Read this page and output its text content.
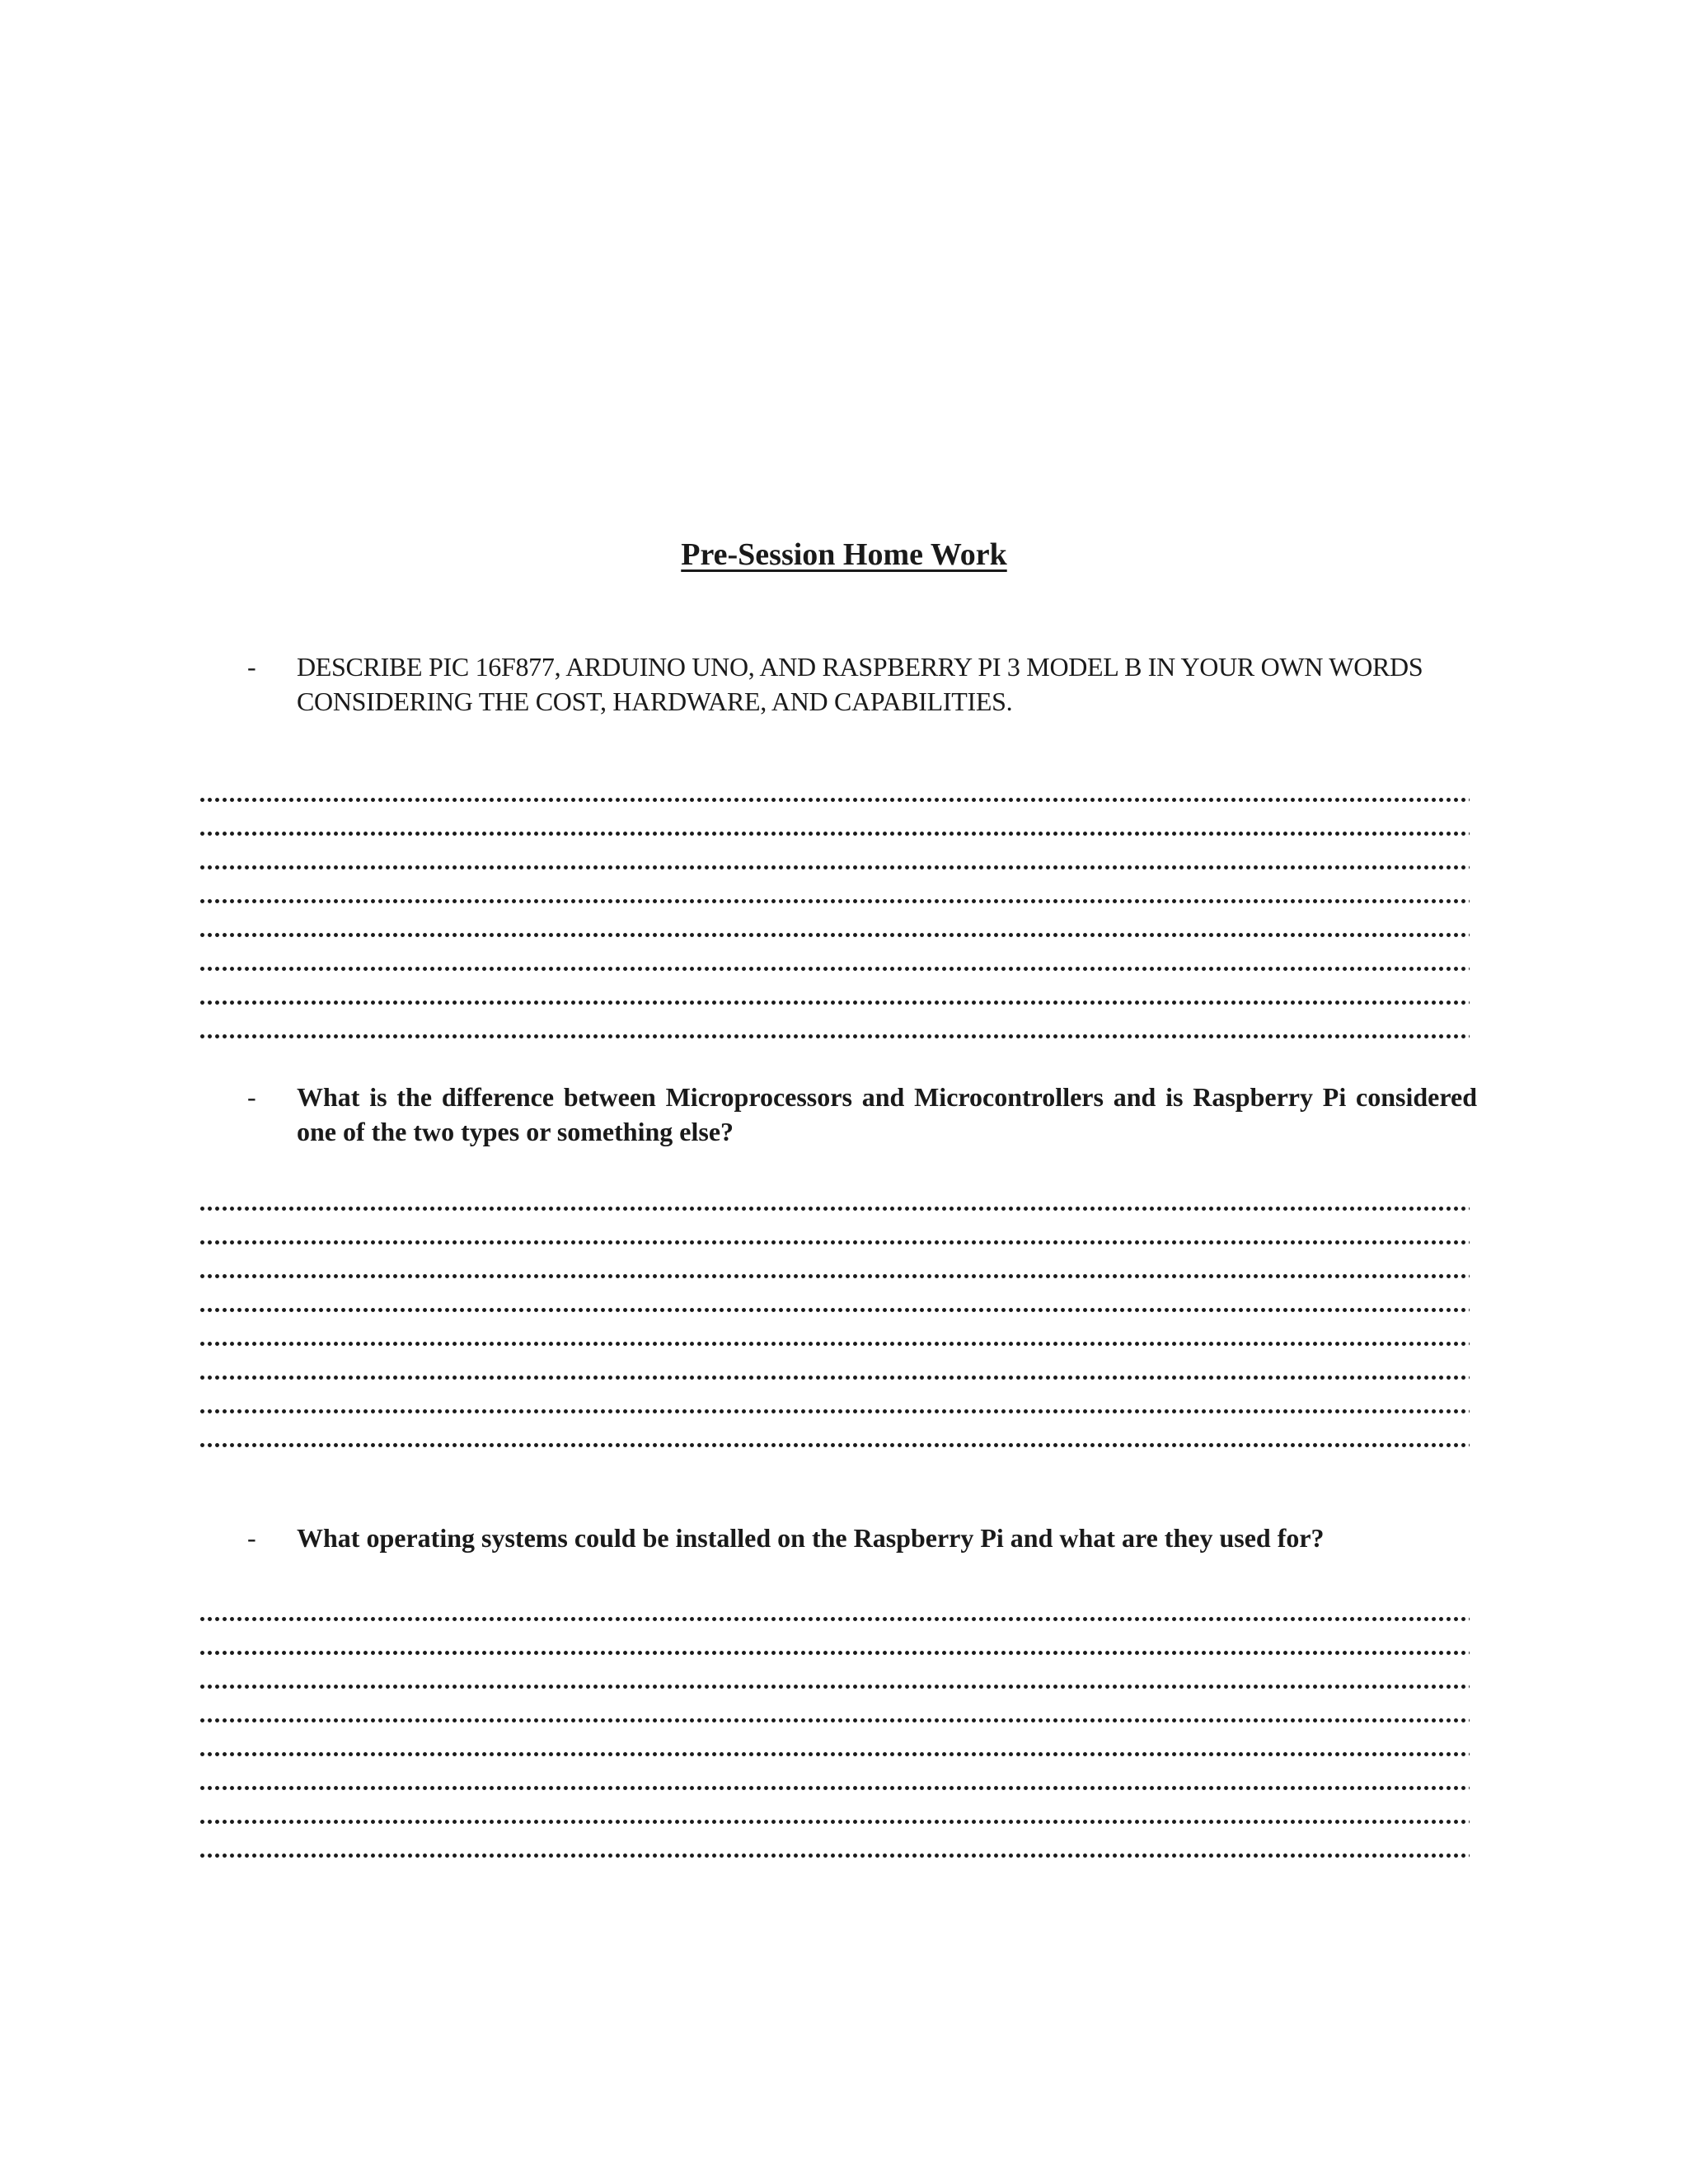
Pre-Session Home Work
-	DESCRIBE PIC 16F877, ARDUINO UNO, AND RASPBERRY PI 3 MODEL B IN YOUR OWN WORDS CONSIDERING THE COST, HARDWARE, AND CAPABILITIES.
-	What is the difference between Microprocessors and Microcontrollers and is Raspberry Pi considered one of the two types or something else?
-	What operating systems could be installed on the Raspberry Pi and what are they used for?
